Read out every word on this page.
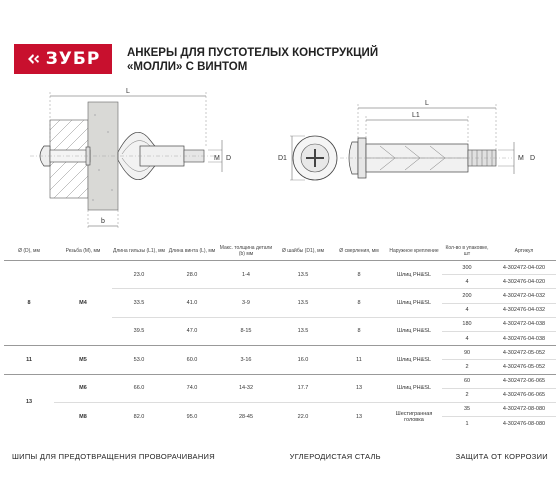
ЗУБР АНКЕРЫ ДЛЯ ПУСТОТЕЛЫХ КОНСТРУКЦИЙ
«МОЛЛИ» С ВИНТОМ
L
M D
b
D1
L
L1
M D
Ø (D), мм	Резьба (M), мм	Длина гильзы (L1), мм	Длина винта (L), мм	Макс. толщина детали (b) мм	Ø шайбы (D1), мм	Ø сверления, мм	Наружное крепление	Кол-во в упаковке, шт	Артикул
8	M4	23.0	28.0	1-4	13.5	8	Шлиц PH&SL	300	4-302472-04-020
								4	4-302476-04-020
		33.5	41.0	3-9	13.5	8	Шлиц PH&SL	200	4-302472-04-032
								4	4-302476-04-032
		39.5	47.0	8-15	13.5	8	Шлиц PH&SL	180	4-302472-04-038
								4	4-302476-04-038
11	M5	53.0	60.0	3-16	16.0	11	Шлиц PH&SL	90	4-302472-05-052
								2	4-302476-05-052
13	M6	66.0	74.0	14-32	17.7	13	Шлиц PH&SL	60	4-302472-06-065
								2	4-302476-06-065
	M8	82.0	95.0	28-45	22.0	13	Шестигранная головка	35	4-302472-08-080
								1	4-302476-08-080
ШИПЫ ДЛЯ ПРЕДОТВРАЩЕНИЯ ПРОВОРАЧИВАНИЯ	УГЛЕРОДИСТАЯ СТАЛЬ	ЗАЩИТА ОТ КОРРОЗИИ
